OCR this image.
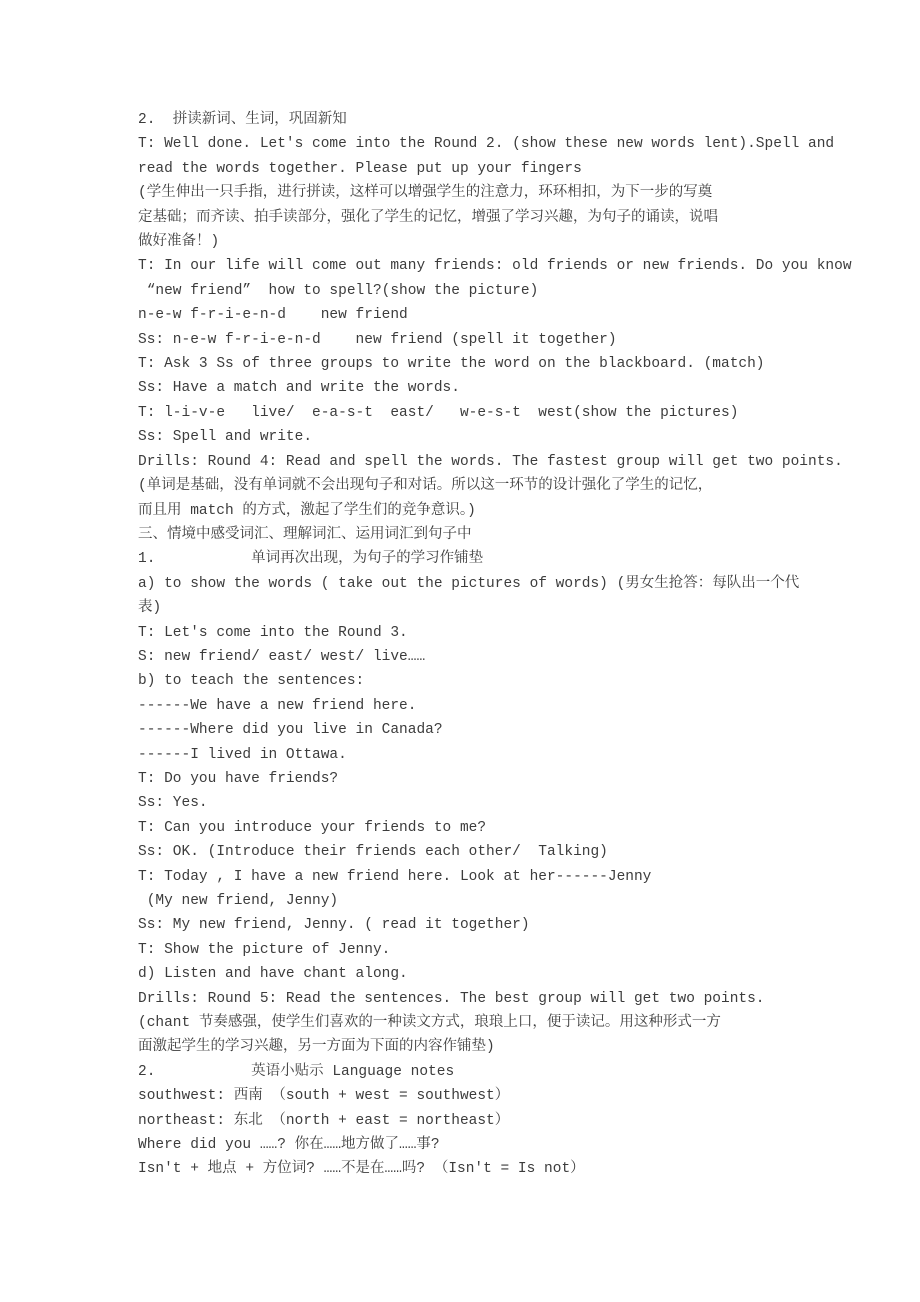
2.  拼读新词、生词，巩固新知
T: Well done. Let's come into the Round 2. (show these new words lent).Spell and
read the words together. Please put up your fingers
(学生伸出一只手指，进行拼读，这样可以增强学生的注意力，环环相扣，为下一步的写奠
定基础；而齐读、拍手读部分，强化了学生的记忆，增强了学习兴趣，为句子的诵读，说唱
做好准备！)
T: In our life will come out many friends: old friends or new friends. Do you know
“new friend”  how to spell?(show the picture)
n-e-w f-r-i-e-n-d    new friend
Ss: n-e-w f-r-i-e-n-d    new friend (spell it together)
T: Ask 3 Ss of three groups to write the word on the blackboard. (match)
Ss: Have a match and write the words.
T: l-i-v-e   live/  e-a-s-t  east/   w-e-s-t  west(show the pictures)
Ss: Spell and write.
Drills: Round 4: Read and spell the words. The fastest group will get two points.
(单词是基础，没有单词就不会出现句子和对话。所以这一环节的设计强化了学生的记忆，
而且用 match 的方式，激起了学生们的竞争意识。)
三、情境中感受词汇、理解词汇、运用词汇到句子中
1.           单词再次出现，为句子的学习作铺垫
a) to show the words ( take out the pictures of words) (男女生抢答：每队出一个代
表)
T: Let's come into the Round 3.
S: new friend/ east/ west/ live……
b) to teach the sentences:
------We have a new friend here.
------Where did you live in Canada?
------I lived in Ottawa.
T: Do you have friends?
Ss: Yes.
T: Can you introduce your friends to me?
Ss: OK. (Introduce their friends each other/  Talking)
T: Today , I have a new friend here. Look at her------Jenny
(My new friend, Jenny)
Ss: My new friend, Jenny. ( read it together)
T: Show the picture of Jenny.
d) Listen and have chant along.
Drills: Round 5: Read the sentences. The best group will get two points.
(chant 节奏感强，使学生们喜欢的一种读文方式，琅琅上口，便于读记。用这种形式一方
面激起学生的学习兴趣，另一方面为下面的内容作铺垫)
2.           英语小贴示 Language notes
southwest: 西南 （south + west = southwest）
northeast: 东北 （north + east = northeast）
Where did you ……? 你在……地方做了……事?
Isn't + 地点 + 方位词? ……不是在……吗? （Isn't = Is not）
